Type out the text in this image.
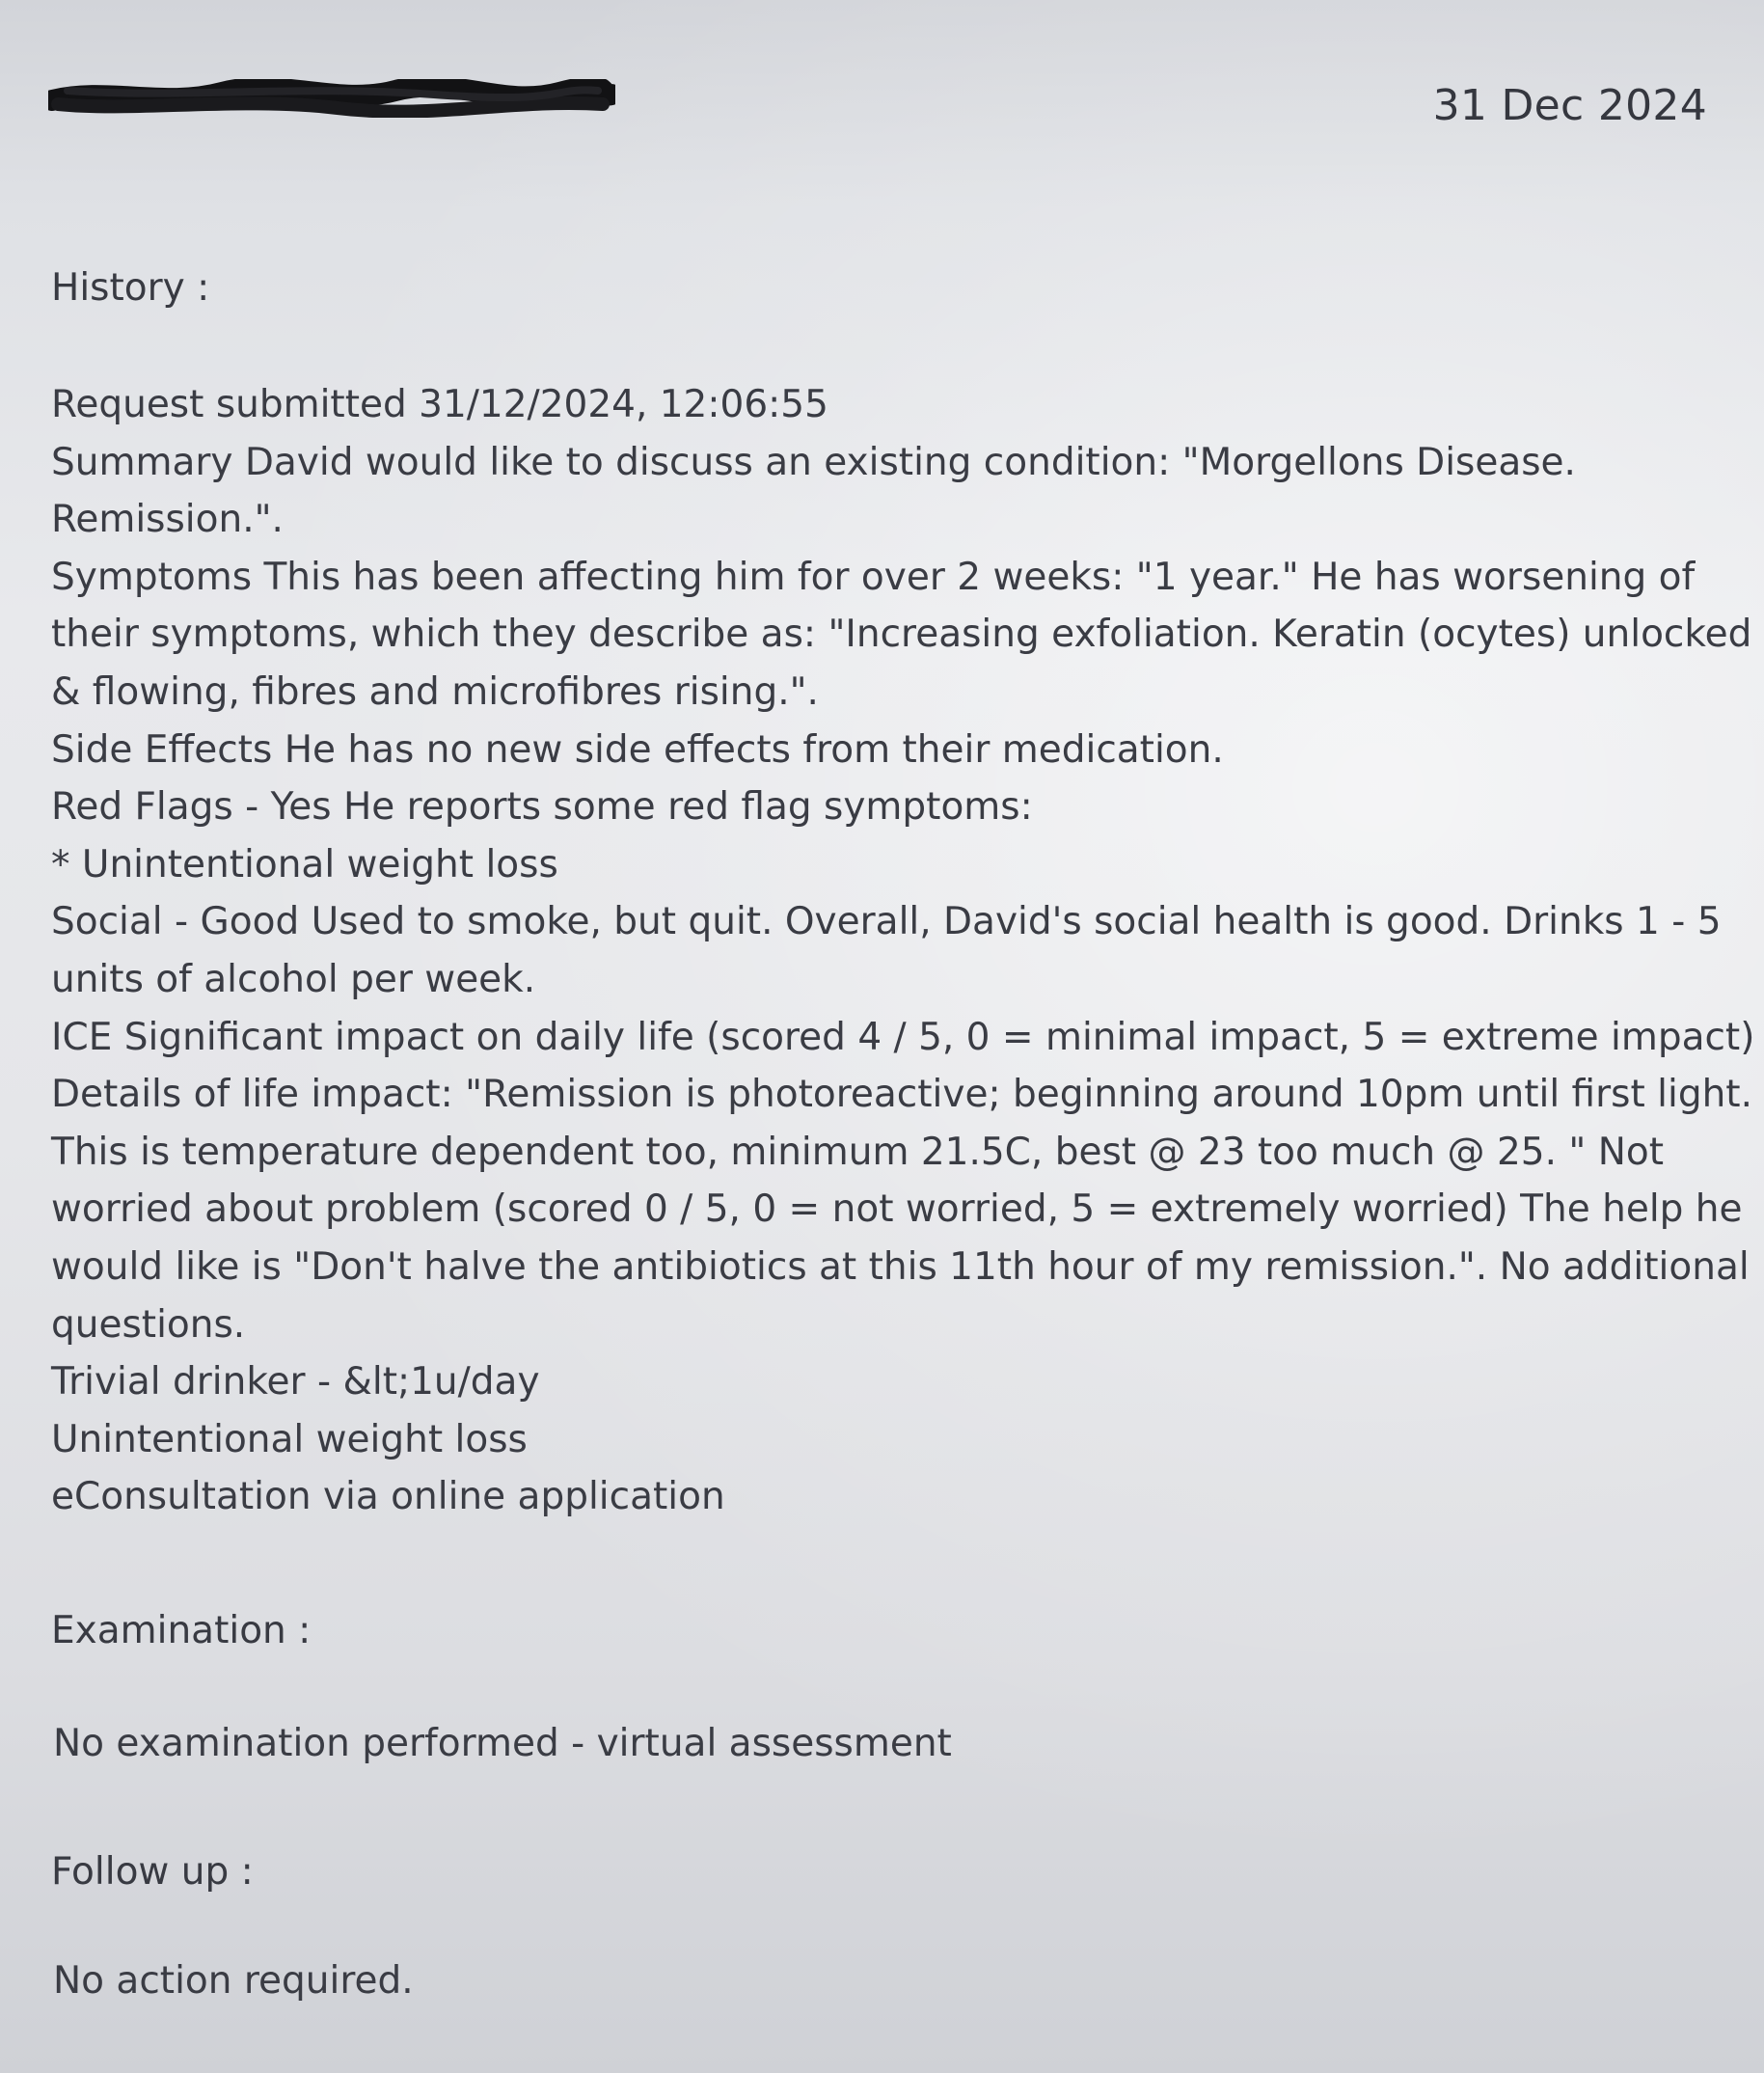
31 Dec 2024
History :
Request submitted 31/12/2024, 12:06:55
Summary David would like to discuss an existing condition: "Morgellons Disease.
Remission.".
Symptoms This has been affecting him for over 2 weeks: "1 year." He has worsening of
their symptoms, which they describe as: "Increasing exfoliation. Keratin (ocytes) unlocked
& flowing, fibres and microfibres rising.".
Side Effects He has no new side effects from their medication.
Red Flags - Yes He reports some red flag symptoms:
* Unintentional weight loss
Social - Good Used to smoke, but quit. Overall, David's social health is good. Drinks 1 - 5
units of alcohol per week.
ICE Significant impact on daily life (scored 4 / 5, 0 = minimal impact, 5 = extreme impact)
Details of life impact: "Remission is photoreactive; beginning around 10pm until first light.
This is temperature dependent too, minimum 21.5C, best @ 23 too much @ 25. " Not
worried about problem (scored 0 / 5, 0 = not worried, 5 = extremely worried) The help he
would like is "Don't halve the antibiotics at this 11th hour of my remission.". No additional
questions.
Trivial drinker - &lt;1u/day
Unintentional weight loss
eConsultation via online application
Examination :
No examination performed - virtual assessment
Follow up :
No action required.
